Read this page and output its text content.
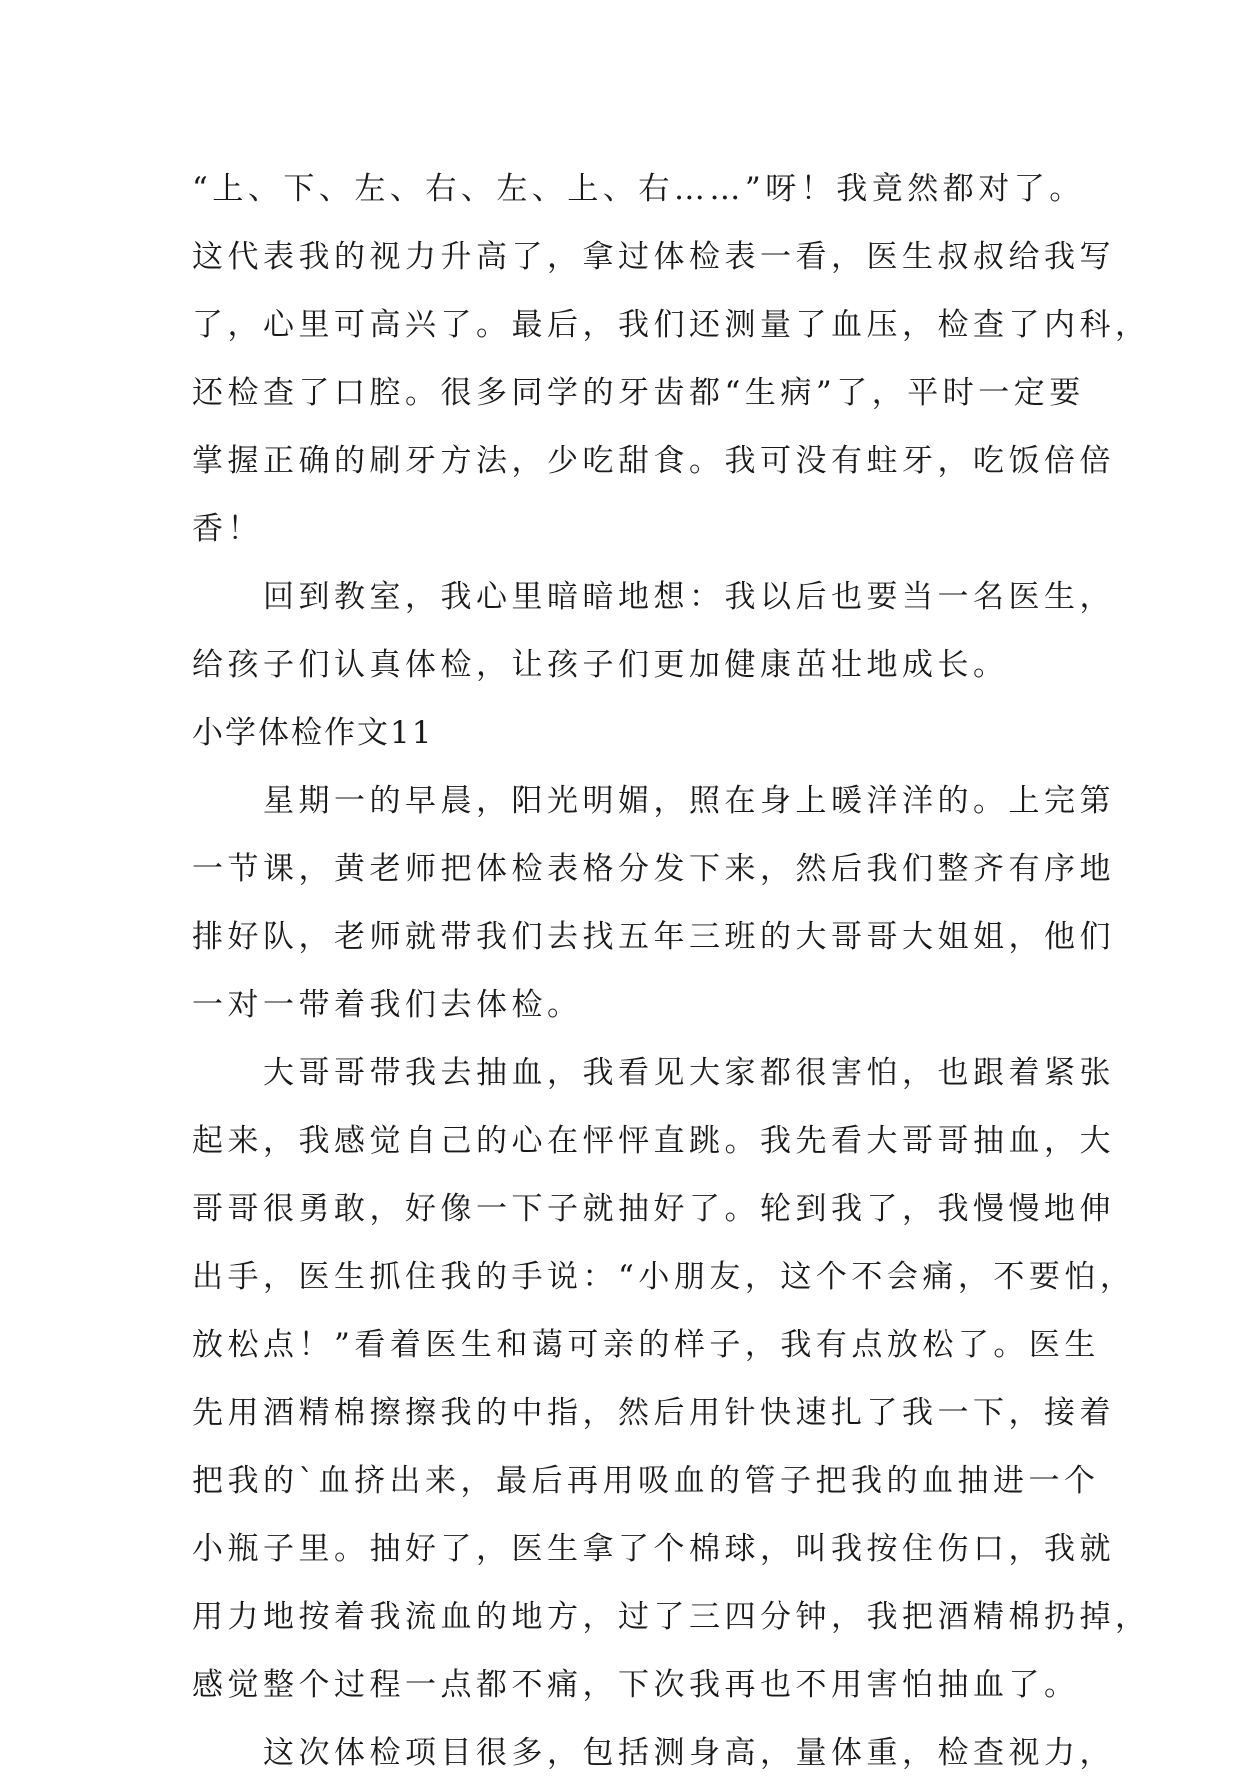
“上、下、左、右、左、上、右……”呀！我竟然都对了。
这代表我的视力升高了，拿过体检表一看，医生叔叔给我写
了，心里可高兴了。最后，我们还测量了血压，检查了内科，
还检查了口腔。很多同学的牙齿都“生病”了，平时一定要
掌握正确的刷牙方法，少吃甜食。我可没有蛀牙，吃饭倍倍
香！
　　回到教室，我心里暗暗地想：我以后也要当一名医生，
给孩子们认真体检，让孩子们更加健康茁壮地成长。
小学体检作文11
　　星期一的早晨，阳光明媚，照在身上暖洋洋的。上完第
一节课，黄老师把体检表格分发下来，然后我们整齐有序地
排好队，老师就带我们去找五年三班的大哥哥大姐姐，他们
一对一带着我们去体检。
　　大哥哥带我去抽血，我看见大家都很害怕，也跟着紧张
起来，我感觉自己的心在怦怦直跳。我先看大哥哥抽血，大
哥哥很勇敢，好像一下子就抽好了。轮到我了，我慢慢地伸
出手，医生抓住我的手说：“小朋友，这个不会痛，不要怕，
放松点！”看着医生和蔼可亲的样子，我有点放松了。医生
先用酒精棉擦擦我的中指，然后用针快速扎了我一下，接着
把我的`血挤出来，最后再用吸血的管子把我的血抽进一个
小瓶子里。抽好了，医生拿了个棉球，叫我按住伤口，我就
用力地按着我流血的地方，过了三四分钟，我把酒精棉扔掉，
感觉整个过程一点都不痛，下次我再也不用害怕抽血了。
　　这次体检项目很多，包括测身高，量体重，检查视力，
